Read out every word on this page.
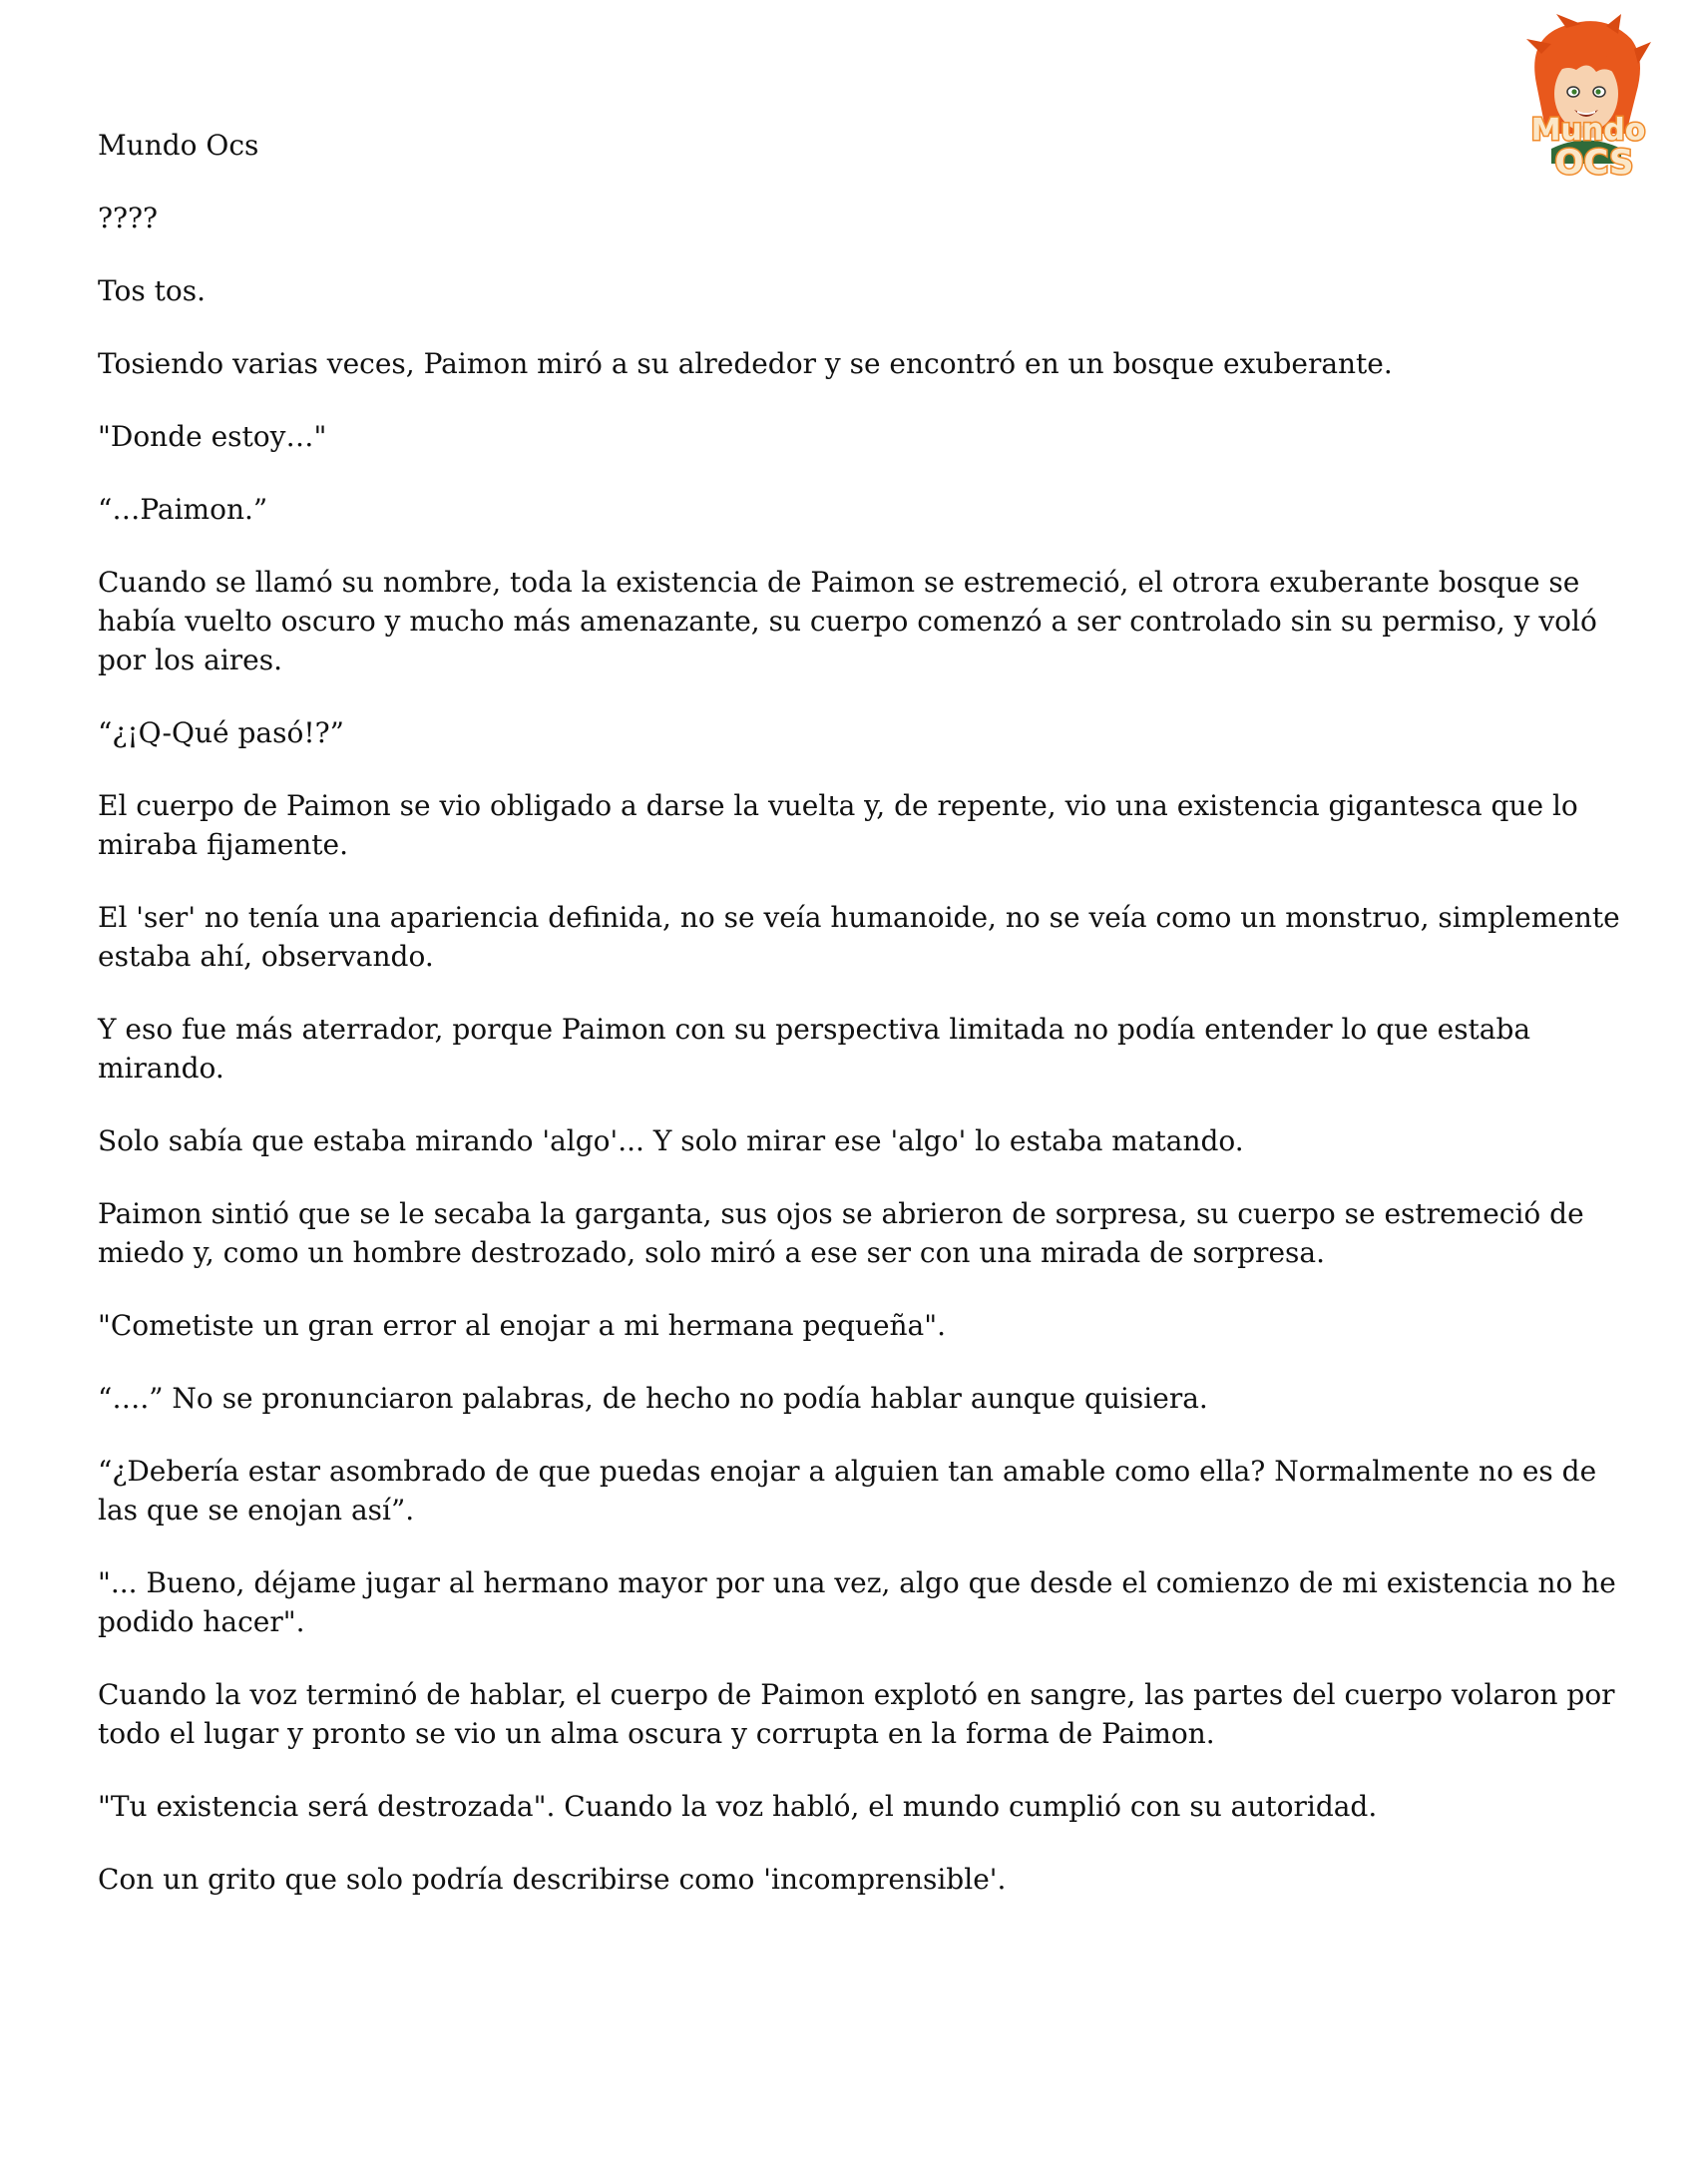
Mundo
OCS

Mundo Ocs

????

Tos tos.

Tosiendo varias veces, Paimon miró a su alrededor y se encontró en un bosque exuberante.

"Donde estoy…"

“…Paimon.”

Cuando se llamó su nombre, toda la existencia de Paimon se estremeció, el otrora exuberante bosque se había vuelto oscuro y mucho más amenazante, su cuerpo comenzó a ser controlado sin su permiso, y voló por los aires.

“¿¡Q-Qué pasó!?”

El cuerpo de Paimon se vio obligado a darse la vuelta y, de repente, vio una existencia gigantesca que lo miraba fijamente.

El 'ser' no tenía una apariencia definida, no se veía humanoide, no se veía como un monstruo, simplemente estaba ahí, observando.

Y eso fue más aterrador, porque Paimon con su perspectiva limitada no podía entender lo que estaba mirando.

Solo sabía que estaba mirando 'algo'... Y solo mirar ese 'algo' lo estaba matando.

Paimon sintió que se le secaba la garganta, sus ojos se abrieron de sorpresa, su cuerpo se estremeció de miedo y, como un hombre destrozado, solo miró a ese ser con una mirada de sorpresa.

"Cometiste un gran error al enojar a mi hermana pequeña".

“….” No se pronunciaron palabras, de hecho no podía hablar aunque quisiera.

“¿Debería estar asombrado de que puedas enojar a alguien tan amable como ella? Normalmente no es de las que se enojan así”.

"... Bueno, déjame jugar al hermano mayor por una vez, algo que desde el comienzo de mi existencia no he podido hacer".

Cuando la voz terminó de hablar, el cuerpo de Paimon explotó en sangre, las partes del cuerpo volaron por todo el lugar y pronto se vio un alma oscura y corrupta en la forma de Paimon.

"Tu existencia será destrozada". Cuando la voz habló, el mundo cumplió con su autoridad.

Con un grito que solo podría describirse como 'incomprensible'.
